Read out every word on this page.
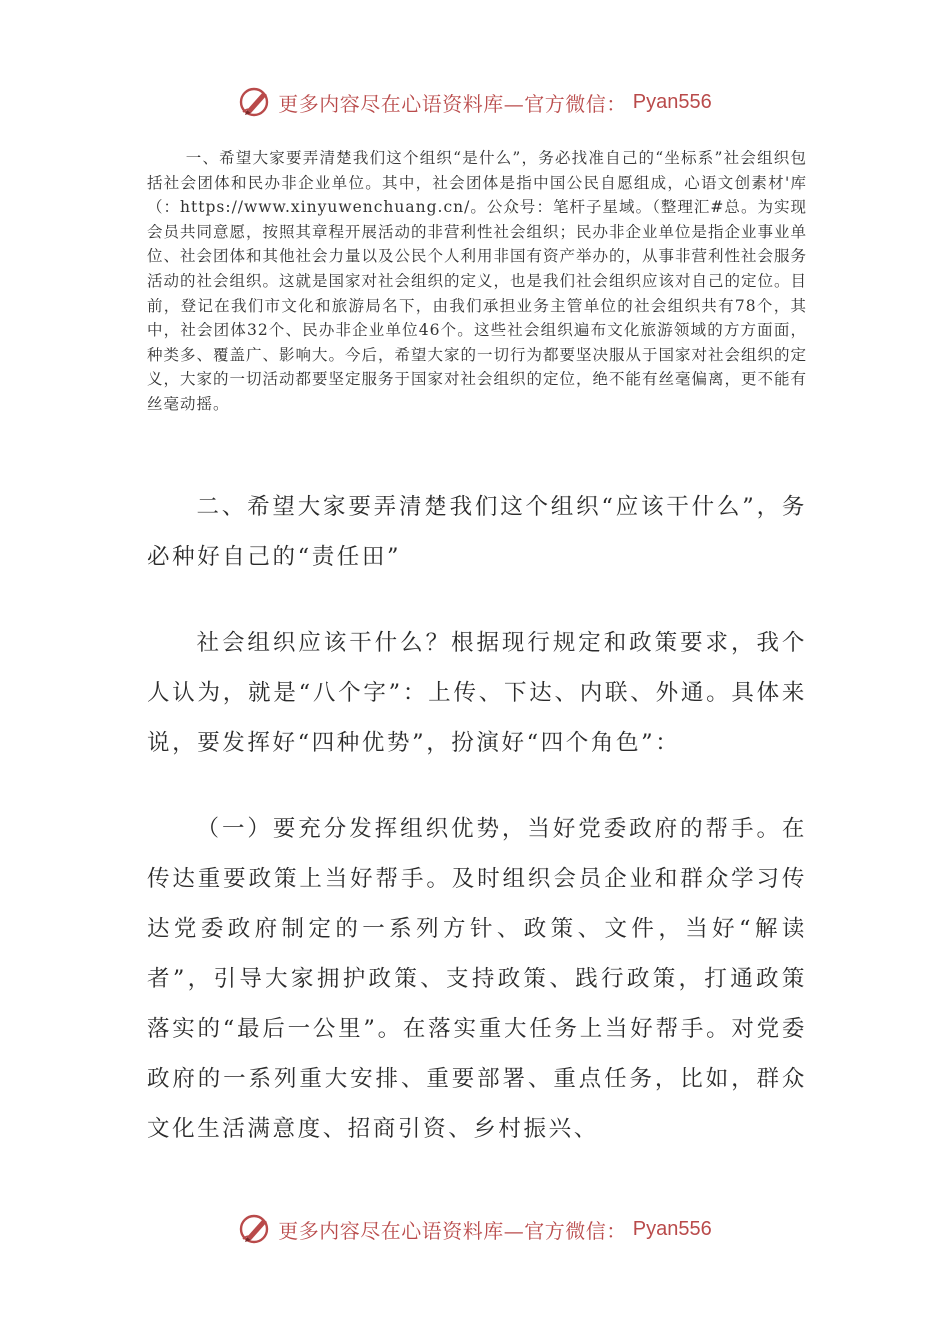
更多内容尽在心语资料库—官方微信： Pyan556

一、希望大家要弄清楚我们这个组织“是什么”，务必找准自己的“坐标系”社会组织包括社会团体和民办非企业单位。其中，社会团体是指中国公民自愿组成，心语文创素材'库（：https://www.xinyuwenchuang.cn/。公众号：笔杆子星域。（整理汇#总。为实现会员共同意愿，按照其章程开展活动的非营利性社会组织；民办非企业单位是指企业事业单位、社会团体和其他社会力量以及公民个人利用非国有资产举办的，从事非营利性社会服务活动的社会组织。这就是国家对社会组织的定义，也是我们社会组织应该对自己的定位。目前，登记在我们市文化和旅游局名下，由我们承担业务主管单位的社会组织共有78个，其中，社会团体32个、民办非企业单位46个。这些社会组织遍布文化旅游领域的方方面面，种类多、覆盖广、影响大。今后，希望大家的一切行为都要坚决服从于国家对社会组织的定义，大家的一切活动都要坚定服务于国家对社会组织的定位，绝不能有丝毫偏离，更不能有丝毫动摇。

二、希望大家要弄清楚我们这个组织“应该干什么”，务必种好自己的“责任田”

社会组织应该干什么？根据现行规定和政策要求，我个人认为，就是“八个字”：上传、下达、内联、外通。具体来说，要发挥好“四种优势”，扮演好“四个角色”：

（一）要充分发挥组织优势，当好党委政府的帮手。在传达重要政策上当好帮手。及时组织会员企业和群众学习传达党委政府制定的一系列方针、政策、文件，当好“解读者”，引导大家拥护政策、支持政策、践行政策，打通政策落实的“最后一公里”。在落实重大任务上当好帮手。对党委政府的一系列重大安排、重要部署、重点任务，比如，群众文化生活满意度、招商引资、乡村振兴、

更多内容尽在心语资料库—官方微信： Pyan556
